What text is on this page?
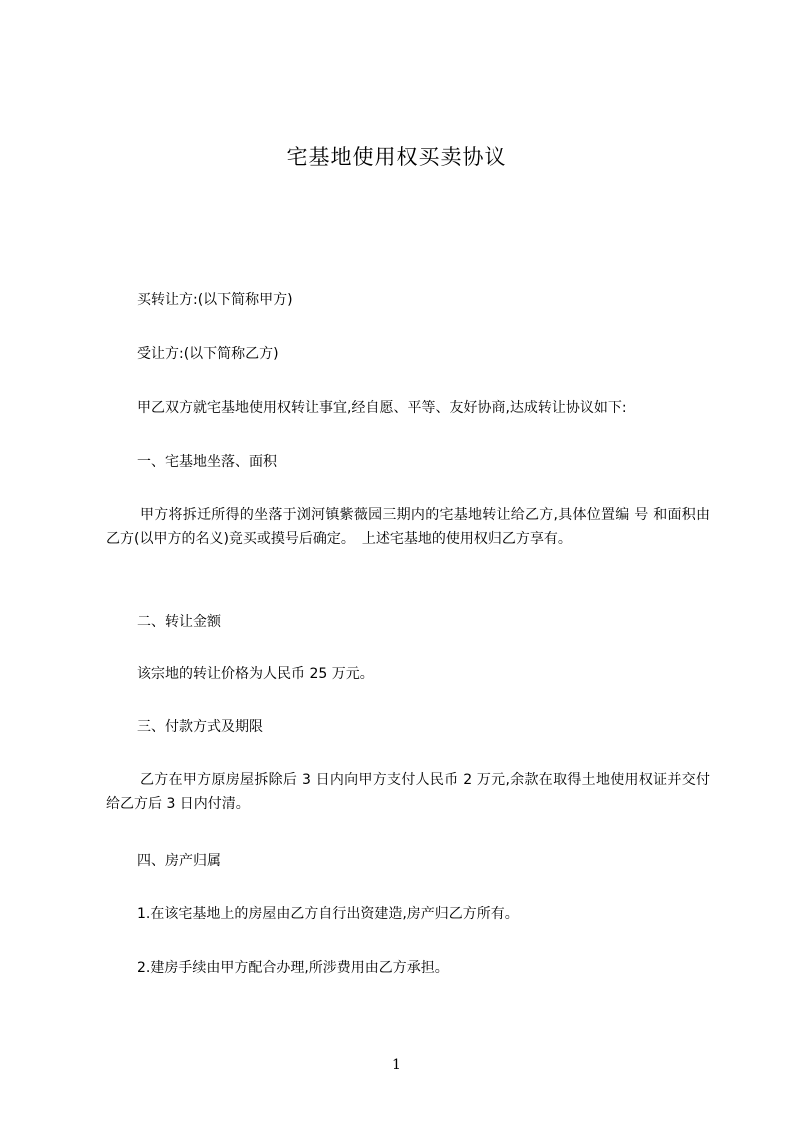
宅基地使用权买卖协议
买转让方:(以下简称甲方)
受让方:(以下简称乙方)
甲乙双方就宅基地使用权转让事宜,经自愿、平等、友好协商,达成转让协议如下:
一、宅基地坐落、面积
甲方将拆迁所得的坐落于浏河镇紫薇园三期内的宅基地转让给乙方,具体位置编 号 和面积由乙方(以甲方的名义)竞买或摸号后确定。　上述宅基地的使用权归乙方享有。
二、转让金额
该宗地的转让价格为人民币 25 万元。
三、付款方式及期限
乙方在甲方原房屋拆除后 3 日内向甲方支付人民币 2 万元,余款在取得土地使用权证并交付给乙方后 3 日内付清。
四、房产归属
1.在该宅基地上的房屋由乙方自行出资建造,房产归乙方所有。
2.建房手续由甲方配合办理,所涉费用由乙方承担。
1
